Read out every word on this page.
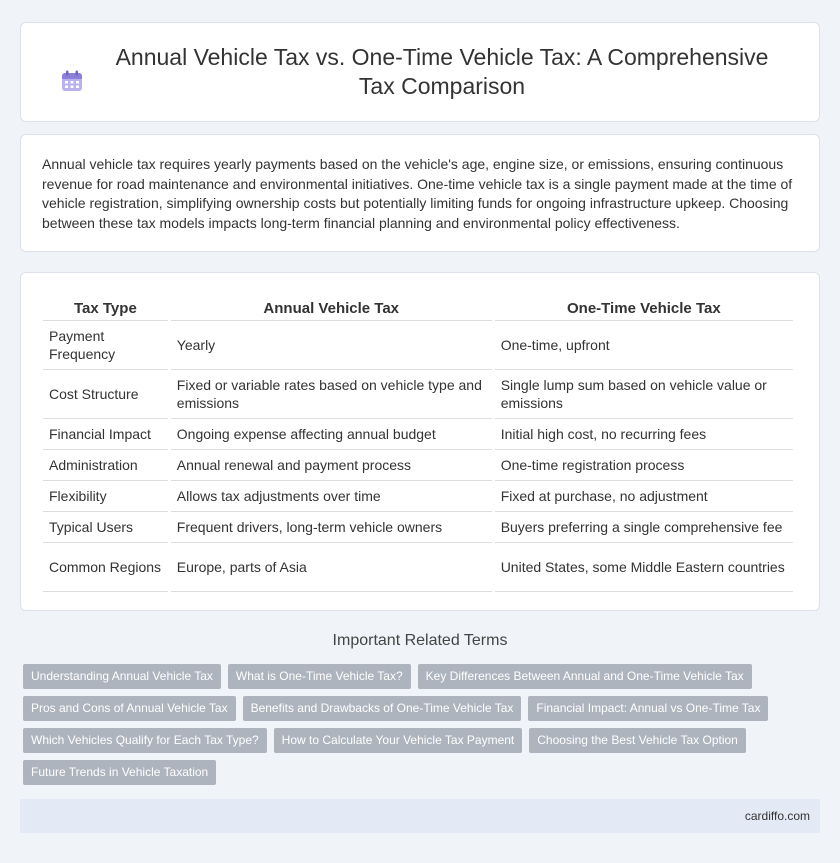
Annual Vehicle Tax vs. One-Time Vehicle Tax: A Comprehensive Tax Comparison

Annual vehicle tax requires yearly payments based on the vehicle's age, engine size, or emissions, ensuring continuous revenue for road maintenance and environmental initiatives. One-time vehicle tax is a single payment made at the time of vehicle registration, simplifying ownership costs but potentially limiting funds for ongoing infrastructure upkeep. Choosing between these tax models impacts long-term financial planning and environmental policy effectiveness.

Tax Type	Annual Vehicle Tax	One-Time Vehicle Tax
Payment Frequency	Yearly	One-time, upfront
Cost Structure	Fixed or variable rates based on vehicle type and emissions	Single lump sum based on vehicle value or emissions
Financial Impact	Ongoing expense affecting annual budget	Initial high cost, no recurring fees
Administration	Annual renewal and payment process	One-time registration process
Flexibility	Allows tax adjustments over time	Fixed at purchase, no adjustment
Typical Users	Frequent drivers, long-term vehicle owners	Buyers preferring a single comprehensive fee
Common Regions	Europe, parts of Asia	United States, some Middle Eastern countries
Important Related Terms
Understanding Annual Vehicle Tax	What is One-Time Vehicle Tax?	Key Differences Between Annual and One-Time Vehicle Tax
Pros and Cons of Annual Vehicle Tax	Benefits and Drawbacks of One-Time Vehicle Tax	Financial Impact: Annual vs One-Time Tax
Which Vehicles Qualify for Each Tax Type?	How to Calculate Your Vehicle Tax Payment	Choosing the Best Vehicle Tax Option
Future Trends in Vehicle Taxation
cardiffo.com
